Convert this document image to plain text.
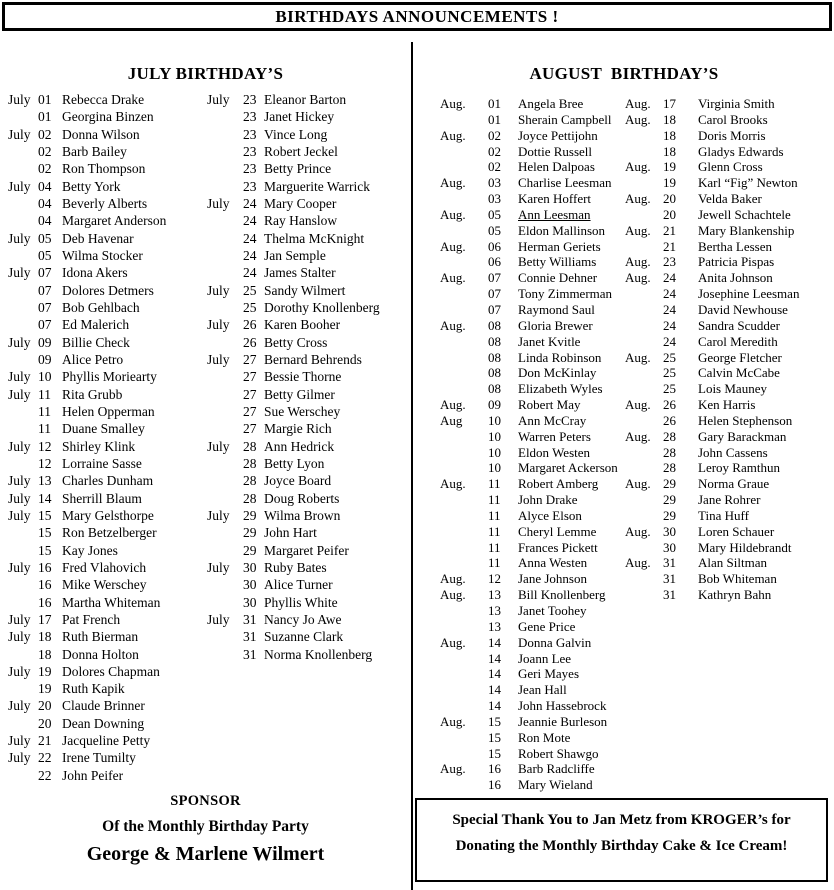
BIRTHDAYS ANNOUNCEMENTS !
JULY BIRTHDAY’S	AUGUST  BIRTHDAY’S
July 01 Rebecca Drake
01 Georgina Binzen
July 02 Donna Wilson
02 Barb Bailey
02 Ron Thompson
July 04 Betty York
04 Beverly Alberts
04 Margaret Anderson
July 05 Deb Havenar
05 Wilma Stocker
July 07 Idona Akers
07 Dolores Detmers
07 Bob Gehlbach
07 Ed Malerich
July 09 Billie Check
09 Alice Petro
July 10 Phyllis Moriearty
July 11 Rita Grubb
11 Helen Opperman
11 Duane Smalley
July 12 Shirley Klink
12 Lorraine Sasse
July 13 Charles Dunham
July 14 Sherrill Blaum
July 15 Mary Gelsthorpe
15 Ron Betzelberger
15 Kay Jones
July 16 Fred Vlahovich
16 Mike Werschey
16 Martha Whiteman
July 17 Pat French
July 18 Ruth Bierman
18 Donna Holton
July 19 Dolores Chapman
19 Ruth Kapik
July 20 Claude Brinner
20 Dean Downing
July 21 Jacqueline Petty
July 22 Irene Tumilty
22 John Peifer
July 23 Eleanor Barton
23 Janet Hickey
23 Vince Long
23 Robert Jeckel
23 Betty Prince
23 Marguerite Warrick
July 24 Mary Cooper
24 Ray Hanslow
24 Thelma McKnight
24 Jan Semple
24 James Stalter
July 25 Sandy Wilmert
25 Dorothy Knollenberg
July 26 Karen Booher
26 Betty Cross
July 27 Bernard Behrends
27 Bessie Thorne
27 Betty Gilmer
27 Sue Werschey
27 Margie Rich
July 28 Ann Hedrick
28 Betty Lyon
28 Joyce Board
28 Doug Roberts
July 29 Wilma Brown
29 John Hart
29 Margaret Peifer
July 30 Ruby Bates
30 Alice Turner
30 Phyllis White
July 31 Nancy Jo Awe
31 Suzanne Clark
31 Norma Knollenberg
Aug.	01	Angela Bree
01	Sherain Campbell
Aug.	02	Joyce Pettijohn
02	Dottie Russell
02	Helen Dalpoas
Aug.	03	Charlise Leesman
03	Karen Hoffert
Aug.	05	Ann Leesman
05	Eldon Mallinson
Aug.	06	Herman Geriets
06	Betty Williams
Aug.	07	Connie Dehner
07	Tony Zimmerman
07	Raymond Saul
Aug.	08	Gloria Brewer
08	Janet Kvitle
08	Linda Robinson
08	Don McKinlay
08	Elizabeth Wyles
Aug.	09	Robert May
Aug	10	Ann McCray
10	Warren Peters
10	Eldon Westen
10	Margaret Ackerson
Aug.	11	Robert Amberg
11	John Drake
11	Alyce Elson
11	Cheryl Lemme
11	Frances Pickett
11	Anna Westen
Aug.	12	Jane Johnson
Aug.	13	Bill Knollenberg
13	Janet Toohey
13	Gene Price
Aug.	14	Donna Galvin
14	Joann Lee
14	Geri Mayes
14	Jean Hall
14	John Hassebrock
Aug.	15	Jeannie Burleson
15	Ron Mote
15	Robert Shawgo
Aug.	16	Barb Radcliffe
16	Mary Wieland
Aug. 17	Virginia Smith
Aug. 18	Carol Brooks
18	Doris Morris
18	Gladys Edwards
Aug. 19	Glenn Cross
19	Karl “Fig” Newton
Aug. 20	Velda Baker
20	Jewell Schachtele
Aug. 21	Mary Blankenship
21	Bertha Lessen
Aug. 23	Patricia Pispas
Aug. 24	Anita Johnson
24	Josephine Leesman
24	David Newhouse
24	Sandra Scudder
24	Carol Meredith
Aug. 25	George Fletcher
25	Calvin McCabe
25	Lois Mauney
Aug. 26	Ken Harris
26	Helen Stephenson
Aug. 28	Gary Barackman
28	John Cassens
28	Leroy Ramthun
Aug. 29	Norma Graue
29	Jane Rohrer
29	Tina Huff
Aug. 30	Loren Schauer
30	Mary Hildebrandt
Aug. 31	Alan Siltman
31	Bob Whiteman
31	Kathryn Bahn
SPONSOR
Of the Monthly Birthday Party
George & Marlene Wilmert
Special Thank You to Jan Metz from KROGER’s for
Donating the Monthly Birthday Cake & Ice Cream!
